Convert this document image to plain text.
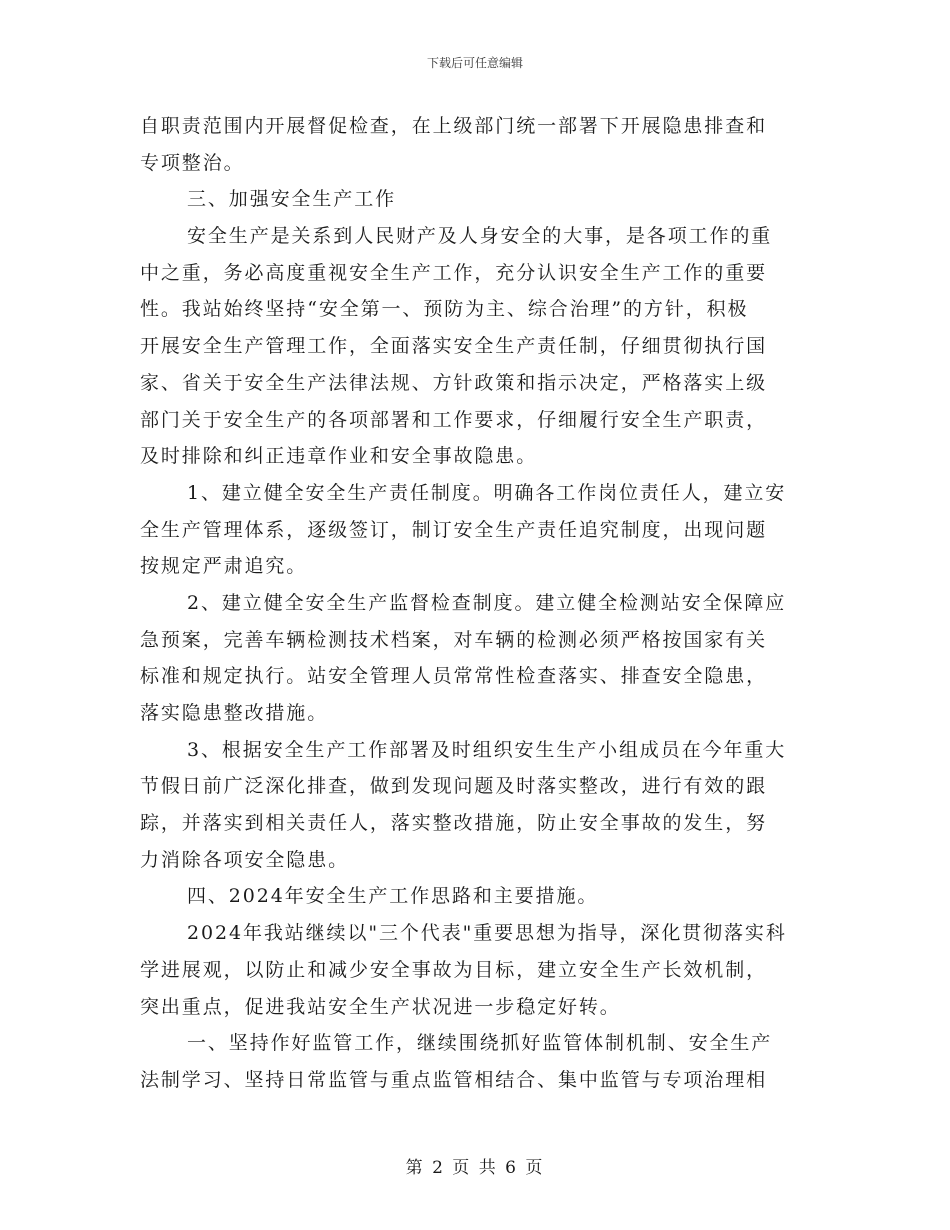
下载后可任意编辑
自职责范围内开展督促检查，在上级部门统一部署下开展隐患排查和
专项整治。
三、加强安全生产工作
安全生产是关系到人民财产及人身安全的大事，是各项工作的重
中之重，务必高度重视安全生产工作，充分认识安全生产工作的重要
性。我站始终坚持“安全第一、预防为主、综合治理”的方针，积极
开展安全生产管理工作，全面落实安全生产责任制，仔细贯彻执行国
家、省关于安全生产法律法规、方针政策和指示决定，严格落实上级
部门关于安全生产的各项部署和工作要求，仔细履行安全生产职责，
及时排除和纠正违章作业和安全事故隐患。
1、建立健全安全生产责任制度。明确各工作岗位责任人，建立安
全生产管理体系，逐级签订，制订安全生产责任追究制度，出现问题
按规定严肃追究。
2、建立健全安全生产监督检查制度。建立健全检测站安全保障应
急预案，完善车辆检测技术档案，对车辆的检测必须严格按国家有关
标准和规定执行。站安全管理人员常常性检查落实、排查安全隐患，
落实隐患整改措施。
3、根据安全生产工作部署及时组织安生生产小组成员在今年重大
节假日前广泛深化排查，做到发现问题及时落实整改，进行有效的跟
踪，并落实到相关责任人，落实整改措施，防止安全事故的发生，努
力消除各项安全隐患。
四、2024年安全生产工作思路和主要措施。
2024年我站继续以"三个代表"重要思想为指导，深化贯彻落实科
学进展观，以防止和减少安全事故为目标，建立安全生产长效机制，
突出重点，促进我站安全生产状况进一步稳定好转。
一、坚持作好监管工作，继续围绕抓好监管体制机制、安全生产
法制学习、坚持日常监管与重点监管相结合、集中监管与专项治理相
第 2 页 共 6 页
